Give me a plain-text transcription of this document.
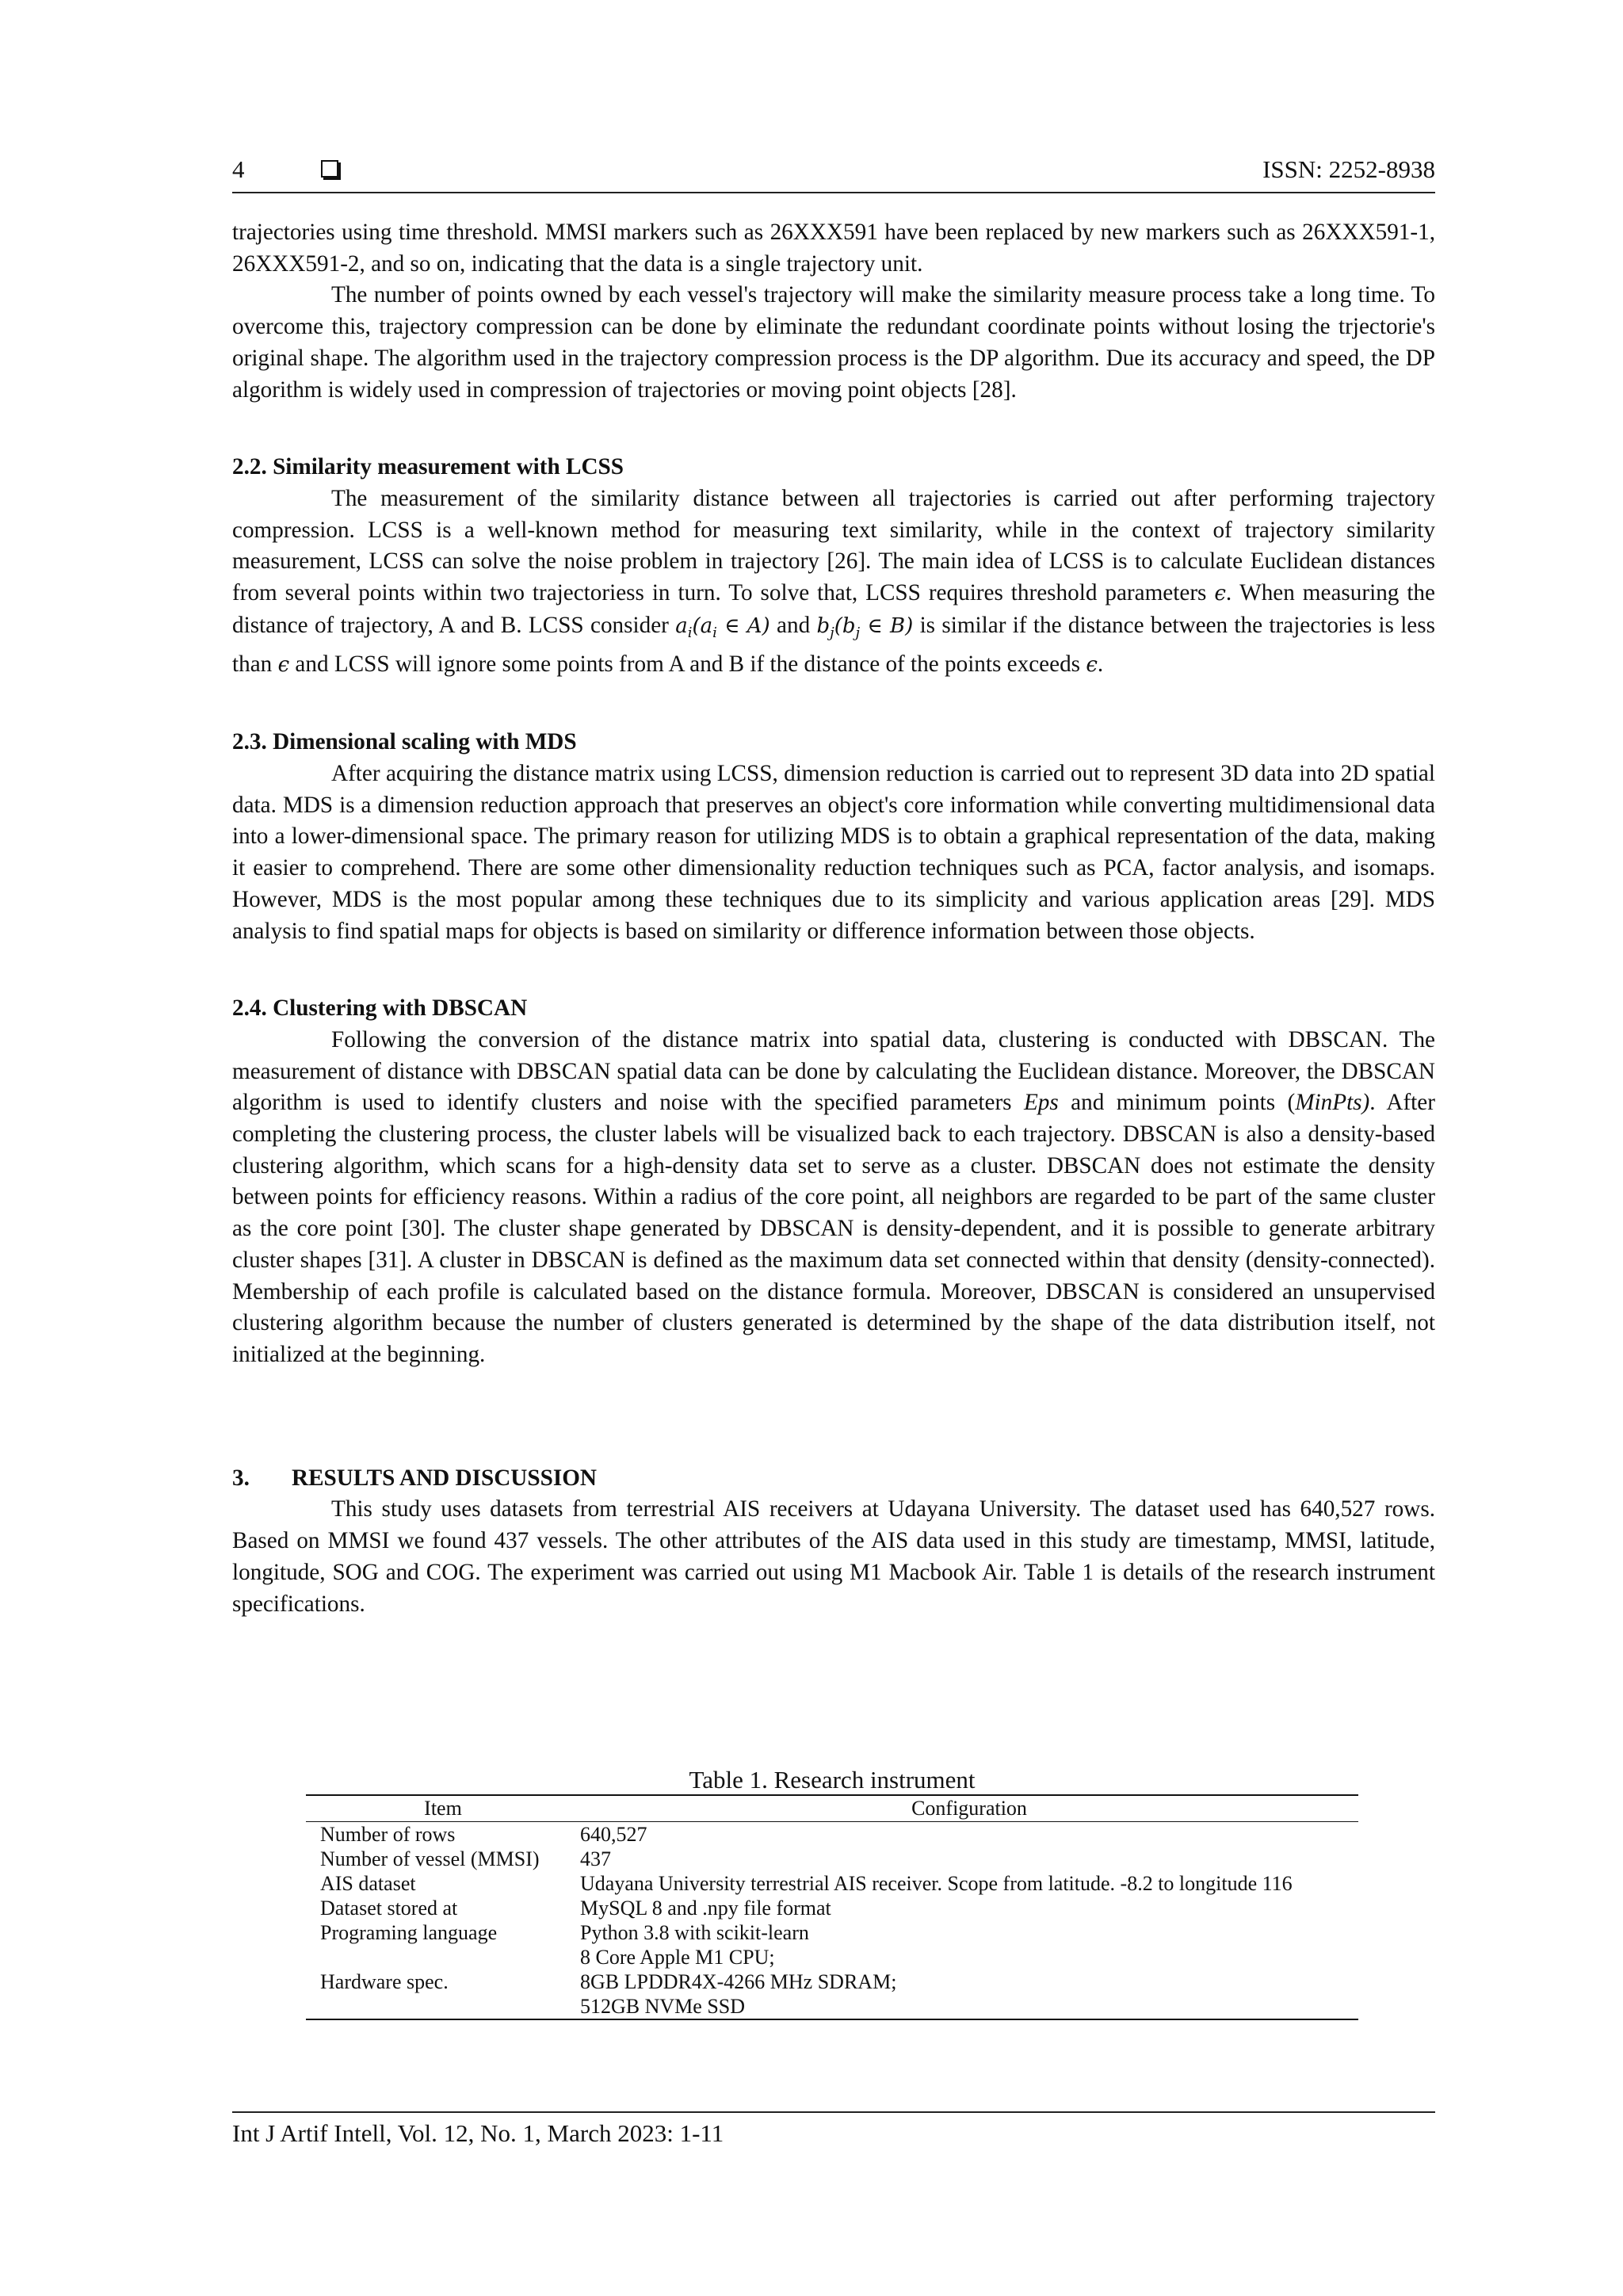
4	ISSN: 2252-8938

trajectories using time threshold. MMSI markers such as 26XXX591 have been replaced by new markers such as 26XXX591-1, 26XXX591-2, and so on, indicating that the data is a single trajectory unit.

The number of points owned by each vessel's trajectory will make the similarity measure process take a long time. To overcome this, trajectory compression can be done by eliminate the redundant coordinate points without losing the trjectorie's original shape. The algorithm used in the trajectory compression process is the DP algorithm. Due its accuracy and speed, the DP algorithm is widely used in compression of trajectories or moving point objects [28].

2.2. Similarity measurement with LCSS

The measurement of the similarity distance between all trajectories is carried out after performing trajectory compression. LCSS is a well-known method for measuring text similarity, while in the context of trajectory similarity measurement, LCSS can solve the noise problem in trajectory [26]. The main idea of LCSS is to calculate Euclidean distances from several points within two trajectoriess in turn. To solve that, LCSS requires threshold parameters ϵ. When measuring the distance of trajectory, A and B. LCSS consider $a_i(a_i$ ∈ A) and $b_j(b_j$ ∈ B) is similar if the distance between the trajectories is less than ϵ and LCSS will ignore some points from A and B if the distance of the points exceeds ϵ.

2.3. Dimensional scaling with MDS

After acquiring the distance matrix using LCSS, dimension reduction is carried out to represent 3D data into 2D spatial data. MDS is a dimension reduction approach that preserves an object's core information while converting multidimensional data into a lower-dimensional space. The primary reason for utilizing MDS is to obtain a graphical representation of the data, making it easier to comprehend. There are some other dimensionality reduction techniques such as PCA, factor analysis, and isomaps. However, MDS is the most popular among these techniques due to its simplicity and various application areas [29]. MDS analysis to find spatial maps for objects is based on similarity or difference information between those objects.

2.4. Clustering with DBSCAN

Following the conversion of the distance matrix into spatial data, clustering is conducted with DBSCAN. The measurement of distance with DBSCAN spatial data can be done by calculating the Euclidean distance. Moreover, the DBSCAN algorithm is used to identify clusters and noise with the specified parameters Eps and minimum points (MinPts). After completing the clustering process, the cluster labels will be visualized back to each trajectory. DBSCAN is also a density-based clustering algorithm, which scans for a high-density data set to serve as a cluster. DBSCAN does not estimate the density between points for efficiency reasons. Within a radius of the core point, all neighbors are regarded to be part of the same cluster as the core point [30]. The cluster shape generated by DBSCAN is density-dependent, and it is possible to generate arbitrary cluster shapes [31]. A cluster in DBSCAN is defined as the maximum data set connected within that density (density-connected). Membership of each profile is calculated based on the distance formula. Moreover, DBSCAN is considered an unsupervised clustering algorithm because the number of clusters generated is determined by the shape of the data distribution itself, not initialized at the beginning.

3. RESULTS AND DISCUSSION

This study uses datasets from terrestrial AIS receivers at Udayana University. The dataset used has 640,527 rows. Based on MMSI we found 437 vessels. The other attributes of the AIS data used in this study are timestamp, MMSI, latitude, longitude, SOG and COG. The experiment was carried out using M1 Macbook Air. Table 1 is details of the research instrument specifications.

Table 1. Research instrument
Item	Configuration
Number of rows	640,527
Number of vessel (MMSI)	437
AIS dataset	Udayana University terrestrial AIS receiver. Scope from latitude. -8.2 to longitude 116
Dataset stored at	MySQL 8 and .npy file format
Programing language	Python 3.8 with scikit-learn
Hardware spec.	8 Core Apple M1 CPU;
8GB LPDDR4X-4266 MHz SDRAM;
512GB NVMe SSD
Int J Artif Intell, Vol. 12, No. 1, March 2023: 1-11
